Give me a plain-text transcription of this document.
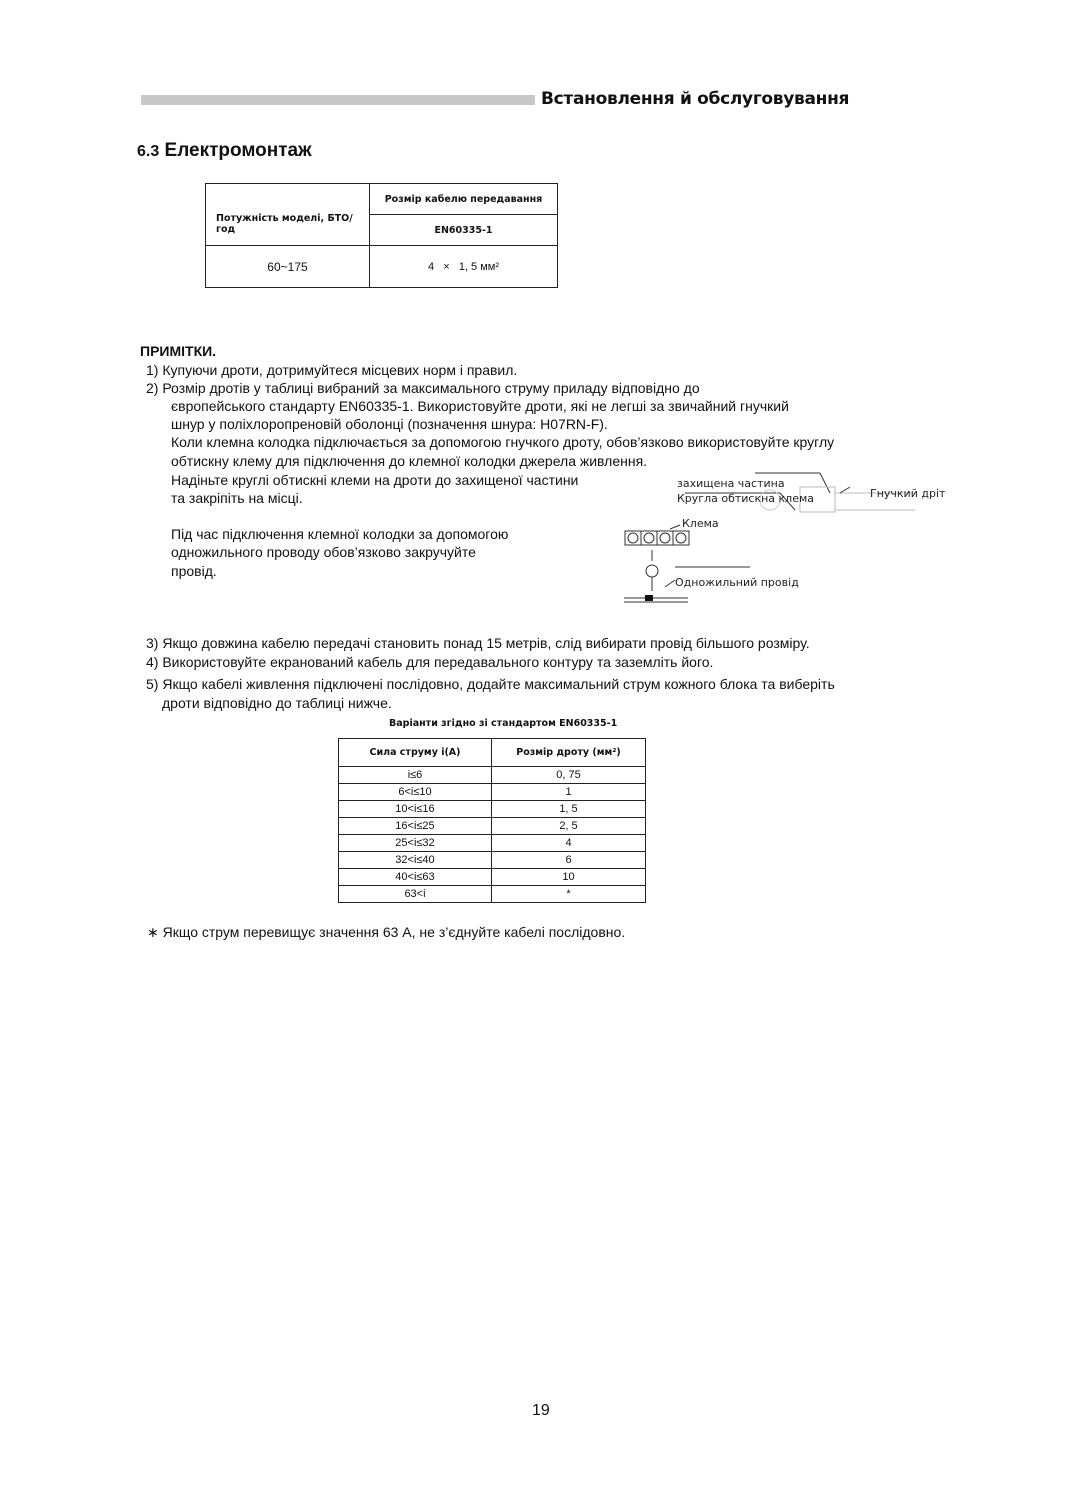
Встановлення й обслуговування
6.3 Електромонтаж
Потужність моделі, БТО/год	Розмір кабелю передавання
	EN60335-1
60~175	4   ×   1, 5 мм²
ПРИМІТКИ.
1) Купуючи дроти, дотримуйтеся місцевих норм і правил.
2) Розмір дротів у таблиці вибраний за максимального струму приладу відповідно до
європейського стандарту EN60335-1. Використовуйте дроти, які не легші за звичайний гнучкий
шнур у поліхлоропреновій оболонці (позначення шнура: H07RN-F).
Коли клемна колодка підключається за допомогою гнучкого дроту, обов’язково використовуйте круглу
обтискну клему для підключення до клемної колодки джерела живлення.
Надіньте круглі обтискні клеми на дроти до захищеної частини
та закріпіть на місці.
Під час підключення клемної колодки за допомогою
одножильного проводу обов’язково закручуйте
провід.
захищена частина
Кругла обтискна клема	Гнучкий дріт
Клема
Одножильний провід
3) Якщо довжина кабелю передачі становить понад 15 метрів, слід вибирати провід більшого розміру.
4) Використовуйте екранований кабель для передавального контуру та заземліть його.
5) Якщо кабелі живлення підключені послідовно, додайте максимальний струм кожного блока та виберіть
дроти відповідно до таблиці нижче.
Варіанти згідно зі стандартом EN60335-1
Сила струму i(A)	Розмір дроту (мм²)
i≤6	0, 75
6<i≤10	1
10<i≤16	1, 5
16<i≤25	2, 5
25<i≤32	4
32<i≤40	6
40<i≤63	10
63<i	*
∗ Якщо струм перевищує значення 63 A, не з’єднуйте кабелі послідовно.
19
